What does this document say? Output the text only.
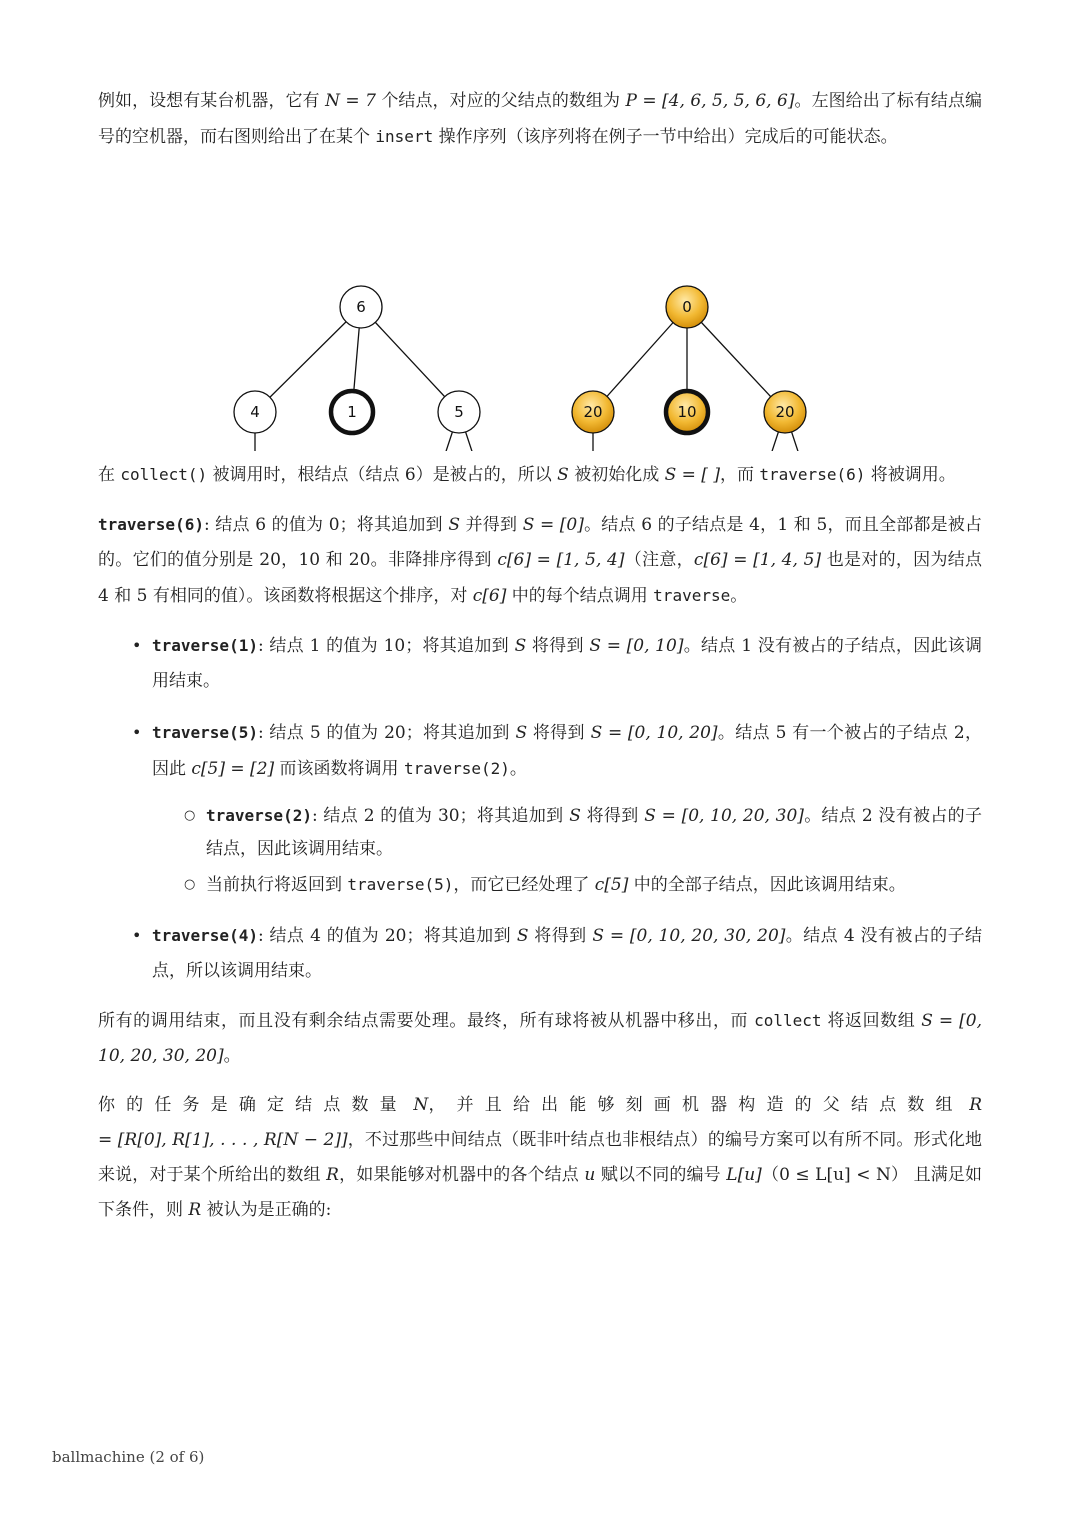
例如，设想有某台机器，它有 N = 7 个结点，对应的父结点的数组为 P = [4, 6, 5, 5, 6, 6]。左图给出了标有结点编号的空机器，而右图则给出了在某个 insert 操作序列（该序列将在例子一节中给出）完成后的可能状态。

6
4	1	5
0
20	10	20

在 collect() 被调用时，根结点（结点 6）是被占的，所以 S 被初始化成 S = [ ]，而 traverse(6) 将被调用。

traverse(6): 结点 6 的值为 0；将其追加到 S 并得到 S = [0]。结点 6 的子结点是 4，1 和 5，而且全部都是被占的。它们的值分别是 20，10 和 20。非降排序得到 c[6] = [1, 5, 4]（注意，c[6] = [1, 4, 5] 也是对的，因为结点 4 和 5 有相同的值）。该函数将根据这个排序，对 c[6] 中的每个结点调用 traverse。

• traverse(1): 结点 1 的值为 10；将其追加到 S 将得到 S = [0, 10]。结点 1 没有被占的子结点，因此该调用结束。
• traverse(5): 结点 5 的值为 20；将其追加到 S 将得到 S = [0, 10, 20]。结点 5 有一个被占的子结点 2，因此 c[5] = [2] 而该函数将调用 traverse(2)。
○ traverse(2): 结点 2 的值为 30；将其追加到 S 将得到 S = [0, 10, 20, 30]。结点 2 没有被占的子结点，因此该调用结束。
○ 当前执行将返回到 traverse(5)，而它已经处理了 c[5] 中的全部子结点，因此该调用结束。
• traverse(4): 结点 4 的值为 20；将其追加到 S 将得到 S = [0, 10, 20, 30, 20]。结点 4 没有被占的子结点，所以该调用结束。

所有的调用结束，而且没有剩余结点需要处理。最终，所有球将被从机器中移出，而 collect 将返回数组 S = [0, 10, 20, 30, 20]。

你的任务是确定结点数量 N，并且给出能够刻画机器构造的父结点数组 R = [R[0], R[1], . . . , R[N − 2]]，不过那些中间结点（既非叶结点也非根结点）的编号方案可以有所不同。形式化地来说，对于某个所给出的数组 R，如果能够对机器中的各个结点 u 赋以不同的编号 L[u]（0 ≤ L[u] < N） 且满足如下条件，则 R 被认为是正确的:

ballmachine (2 of 6)
